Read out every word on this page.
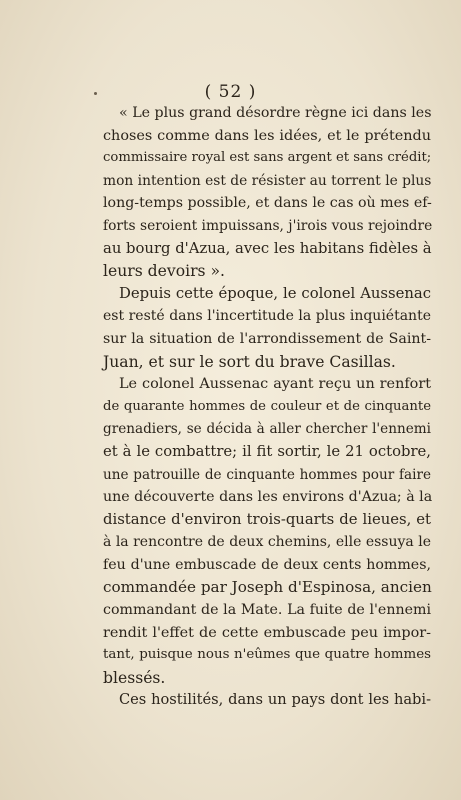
( 52 )
« Le plus grand désordre règne ici dans les
choses comme dans les idées, et le prétendu
commissaire royal est sans argent et sans crédit;
mon intention est de résister au torrent le plus
long-temps possible, et dans le cas où mes ef-
forts seroient impuissans, j'irois vous rejoindre
au bourg d'Azua, avec les habitans fidèles à
leurs devoirs ».
Depuis cette époque, le colonel Aussenac
est resté dans l'incertitude la plus inquiétante
sur la situation de l'arrondissement de Saint-
Juan, et sur le sort du brave Casillas.
Le colonel Aussenac ayant reçu un renfort
de quarante hommes de couleur et de cinquante
grenadiers, se décida à aller chercher l'ennemi
et à le combattre; il fit sortir, le 21 octobre,
une patrouille de cinquante hommes pour faire
une découverte dans les environs d'Azua; à la
distance d'environ trois-quarts de lieues, et
à la rencontre de deux chemins, elle essuya le
feu d'une embuscade de deux cents hommes,
commandée par Joseph d'Espinosa, ancien
commandant de la Mate. La fuite de l'ennemi
rendit l'effet de cette embuscade peu impor-
tant, puisque nous n'eûmes que quatre hommes
blessés.
Ces hostilités, dans un pays dont les habi-
